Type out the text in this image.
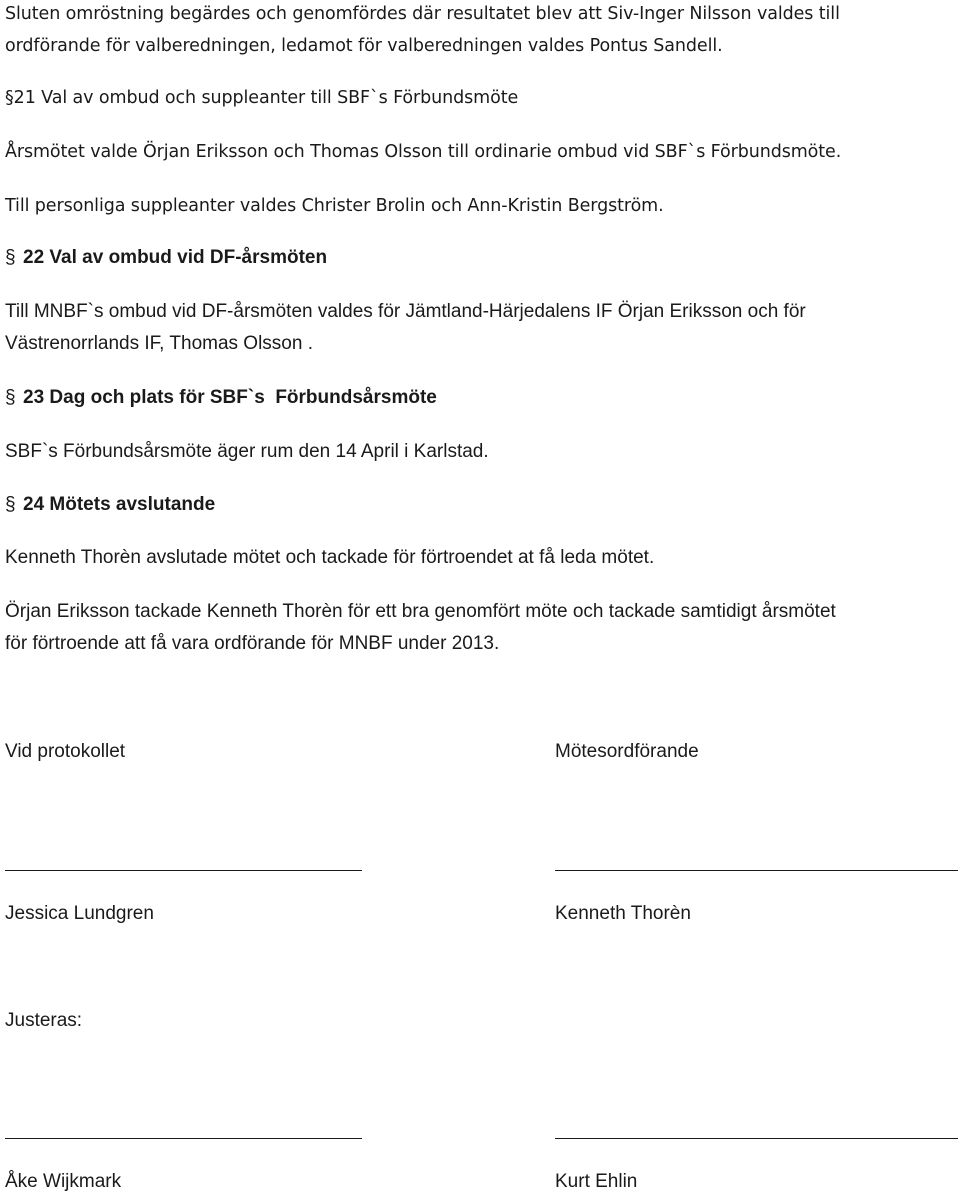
Sluten omröstning begärdes och genomfördes där resultatet blev att Siv-Inger Nilsson valdes till
ordförande för valberedningen, ledamot för valberedningen valdes Pontus Sandell.
§21 Val av ombud och suppleanter till SBF`s Förbundsmöte
Årsmötet valde Örjan Eriksson och Thomas Olsson till ordinarie ombud vid SBF`s Förbundsmöte.
Till personliga suppleanter valdes Christer Brolin och Ann-Kristin Bergström.
§ 22 Val av ombud vid DF-årsmöten
Till MNBF`s ombud vid DF-årsmöten valdes för Jämtland-Härjedalens IF Örjan Eriksson och för
Västrenorrlands IF, Thomas Olsson .
§ 23 Dag och plats för SBF`s  Förbundsårsmöte
SBF`s Förbundsårsmöte äger rum den 14 April i Karlstad.
§ 24 Mötets avslutande
Kenneth Thorèn avslutade mötet och tackade för förtroendet at få leda mötet.
Örjan Eriksson tackade Kenneth Thorèn för ett bra genomfört möte och tackade samtidigt årsmötet
för förtroende att få vara ordförande för MNBF under 2013.
Vid protokollet	Mötesordförande
Jessica Lundgren	Kenneth Thorèn
Justeras:
Åke Wijkmark	Kurt Ehlin
